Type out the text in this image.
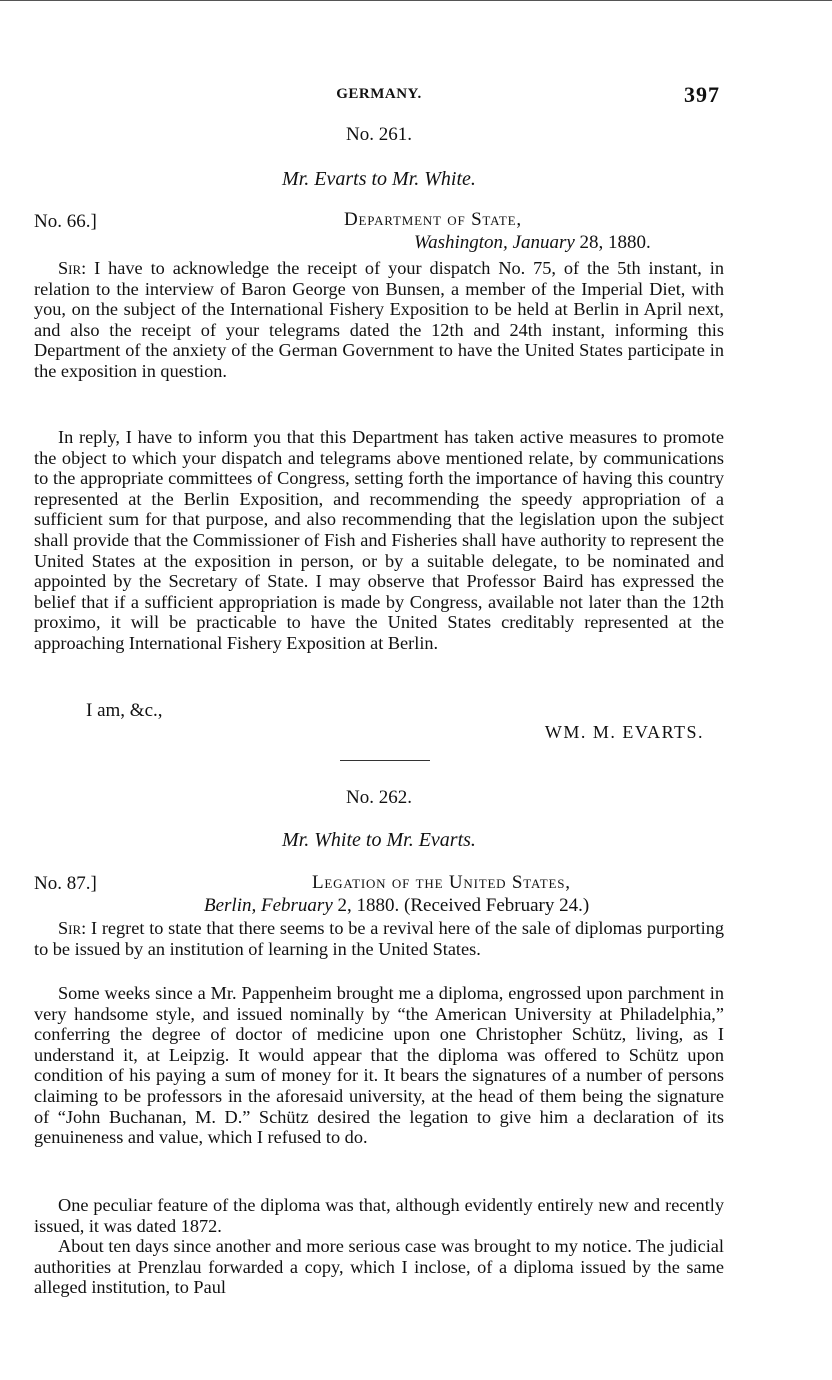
GERMANY.	397
No. 261.
Mr. Evarts to Mr. White.
No. 66.]	Department of State,
Washington, January 28, 1880.

Sir: I have to acknowledge the receipt of your dispatch No. 75, of the 5th instant, in relation to the interview of Baron George von Bunsen, a member of the Imperial Diet, with you, on the subject of the International Fishery Exposition to be held at Berlin in April next, and also the receipt of your telegrams dated the 12th and 24th instant, informing this Department of the anxiety of the German Government to have the United States participate in the exposition in question.

In reply, I have to inform you that this Department has taken active measures to promote the object to which your dispatch and telegrams above mentioned relate, by communications to the appropriate committees of Congress, setting forth the importance of having this country represented at the Berlin Exposition, and recommending the speedy appropriation of a sufficient sum for that purpose, and also recommending that the legislation upon the subject shall provide that the Commissioner of Fish and Fisheries shall have authority to represent the United States at the exposition in person, or by a suitable delegate, to be nominated and appointed by the Secretary of State. I may observe that Professor Baird has expressed the belief that if a sufficient appropriation is made by Congress, available not later than the 12th proximo, it will be practicable to have the United States creditably represented at the approaching International Fishery Exposition at Berlin.

I am, &c.,
WM. M. EVARTS.
No. 262.
Mr. White to Mr. Evarts.
No. 87.]	Legation of the United States,
Berlin, February 2, 1880. (Received February 24.)

Sir: I regret to state that there seems to be a revival here of the sale of diplomas purporting to be issued by an institution of learning in the United States.

Some weeks since a Mr. Pappenheim brought me a diploma, engrossed upon parchment in very handsome style, and issued nominally by “the American University at Philadelphia,” conferring the degree of doctor of medicine upon one Christopher Schütz, living, as I understand it, at Leipzig. It would appear that the diploma was offered to Schütz upon condition of his paying a sum of money for it. It bears the signatures of a number of persons claiming to be professors in the aforesaid university, at the head of them being the signature of “John Buchanan, M. D.” Schütz desired the legation to give him a declaration of its genuineness and value, which I refused to do.

One peculiar feature of the diploma was that, although evidently entirely new and recently issued, it was dated 1872.

About ten days since another and more serious case was brought to my notice. The judicial authorities at Prenzlau forwarded a copy, which I inclose, of a diploma issued by the same alleged institution, to Paul
